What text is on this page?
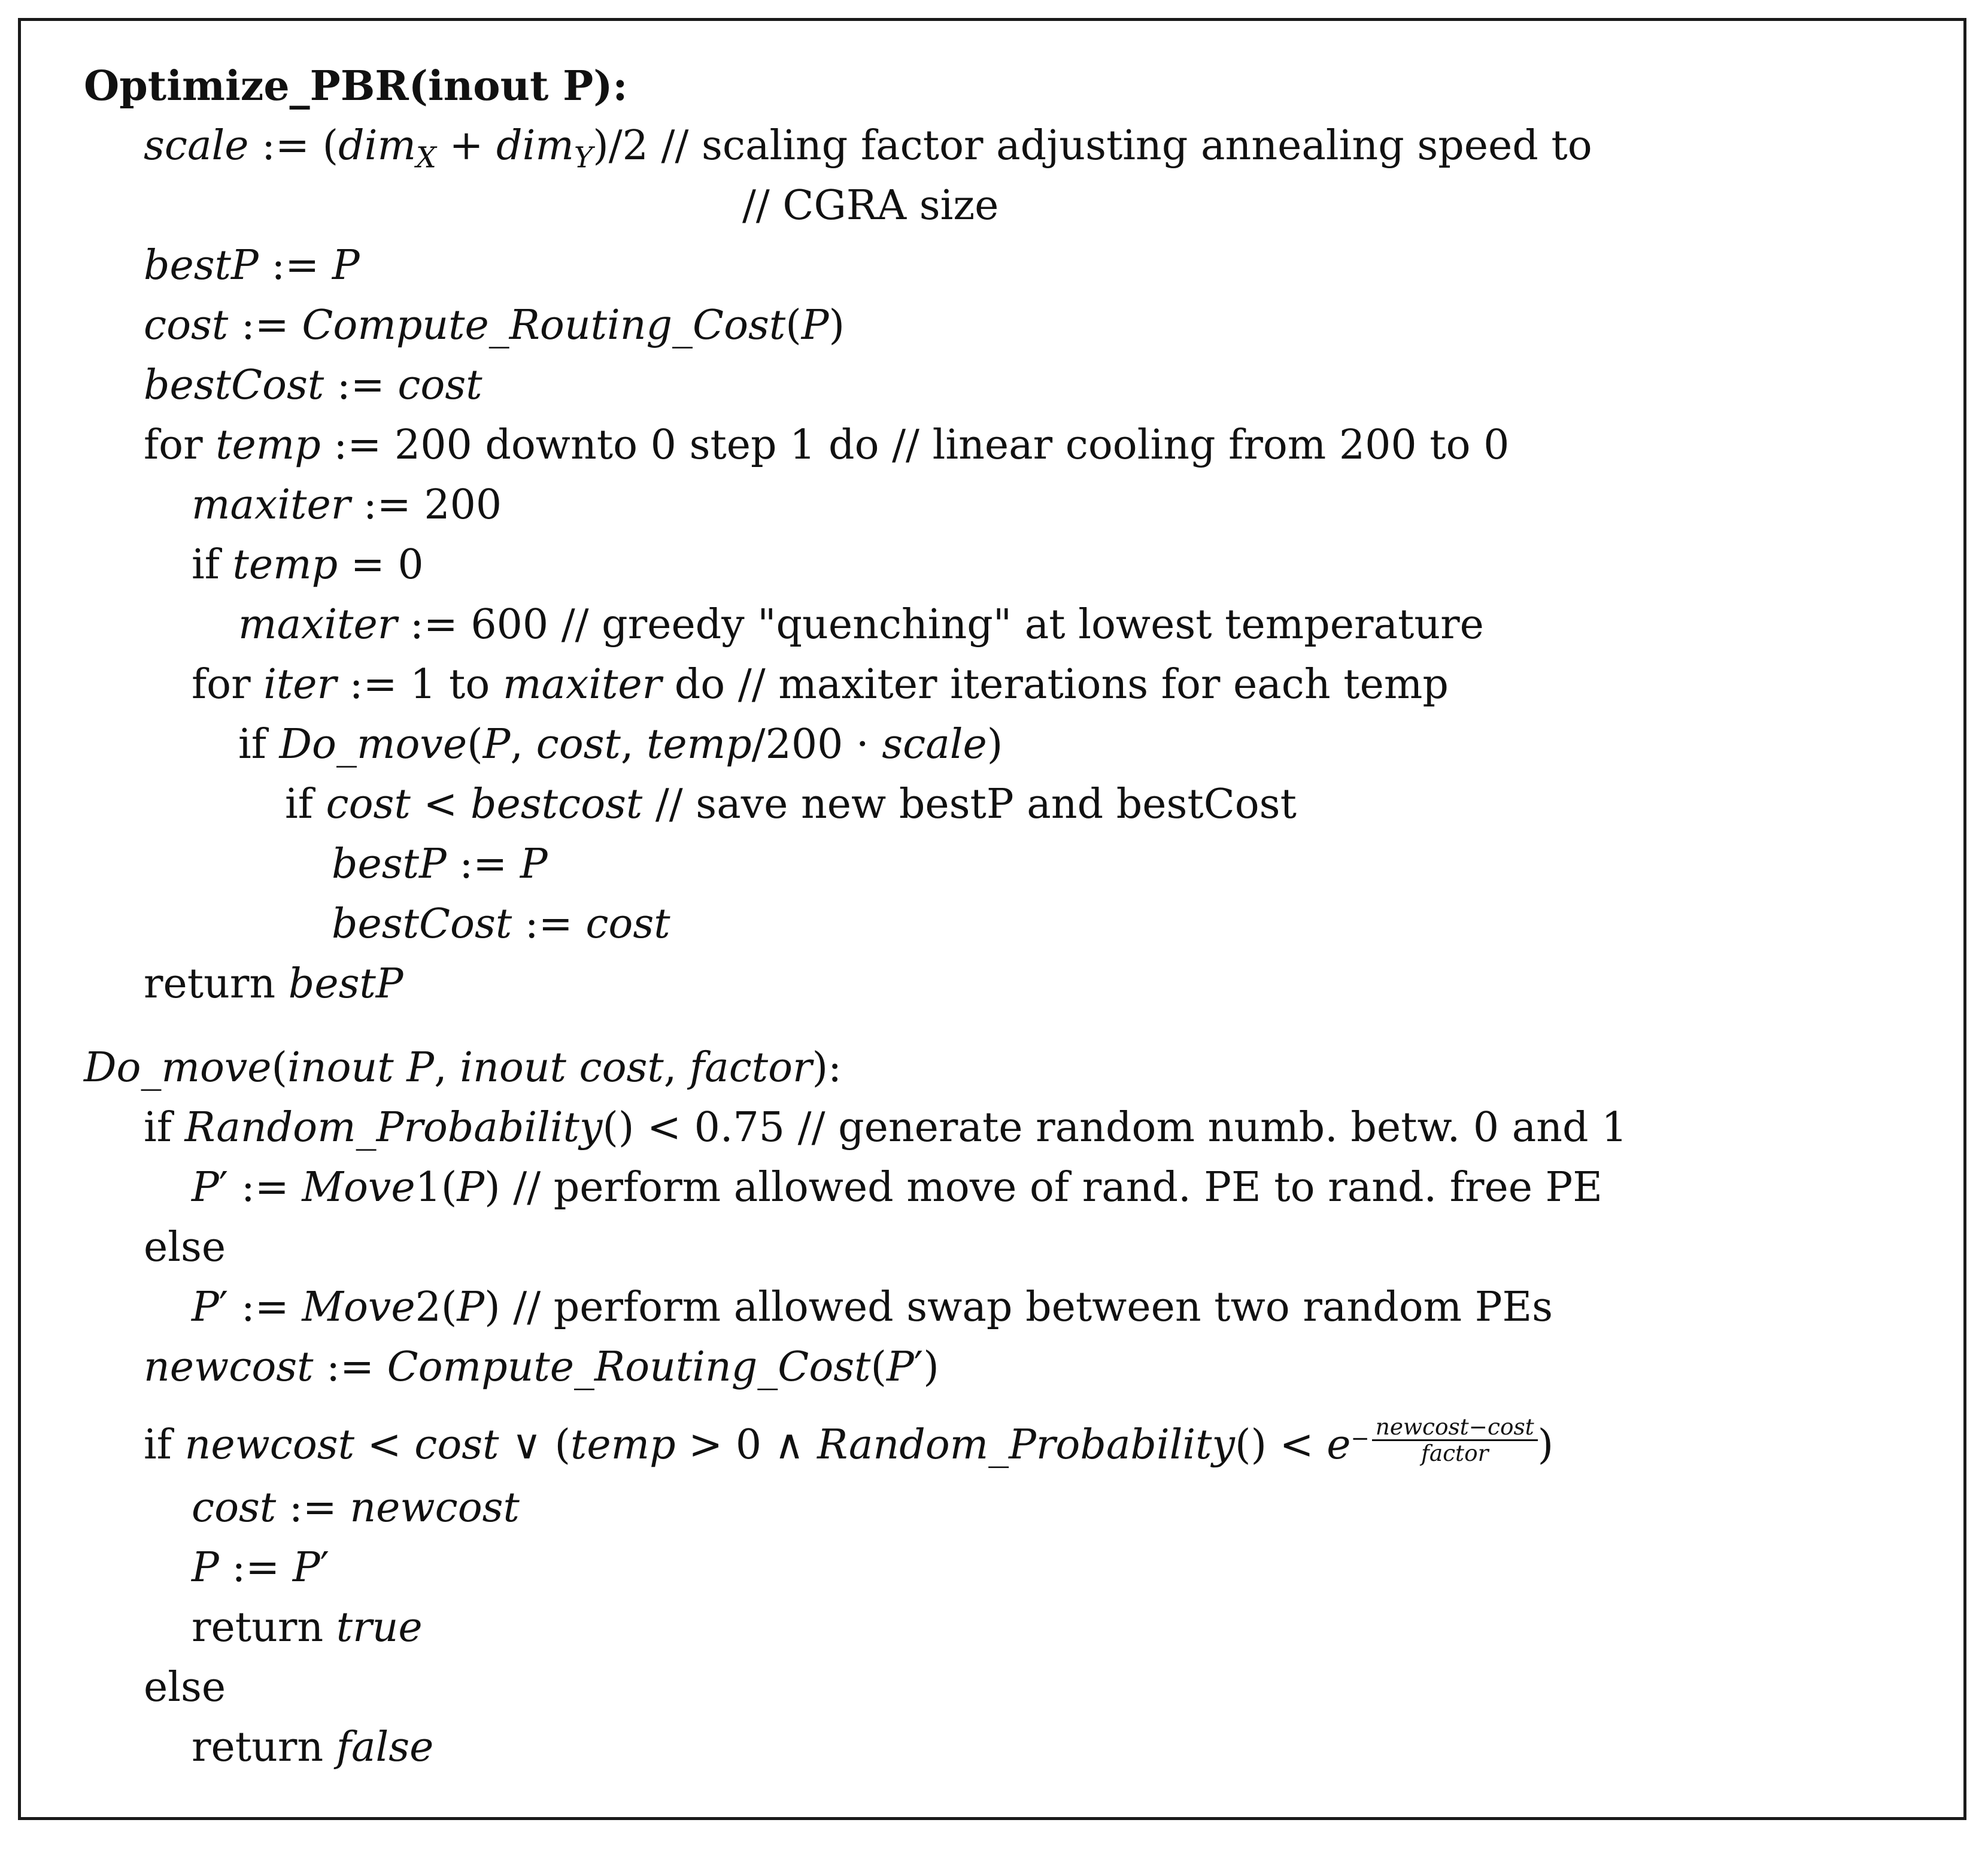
Optimize_PBR(inout P):
scale := (dim$_X$ + dim$_Y$)/2 // scaling factor adjusting annealing speed to
// CGRA size
bestP := P
cost := Compute_Routing_Cost(P)
bestCost := cost
for temp := 200 downto 0 step 1 do // linear cooling from 200 to 0
maxiter := 200
if temp = 0
maxiter := 600 // greedy "quenching" at lowest temperature
for iter := 1 to maxiter do // maxiter iterations for each temp
if Do_move(P, cost, temp/200 · scale)
if cost < bestcost // save new bestP and bestCost
bestP := P
bestCost := cost
return bestP
Do_move(inout P, inout cost, factor):
if Random_Probability() < 0.75 // generate random numb. betw. 0 and 1
P′ := Move1(P) // perform allowed move of rand. PE to rand. free PE
else
P′ := Move2(P) // perform allowed swap between two random PEs
newcost := Compute_Routing_Cost(P′)
if newcost < cost ∨ (temp > 0 ∧ Random_Probability() < $e- \frac{\text{newcost−cost}}{\text{factor}}$ )
cost := newcost
P := P′
return true
else
return false
